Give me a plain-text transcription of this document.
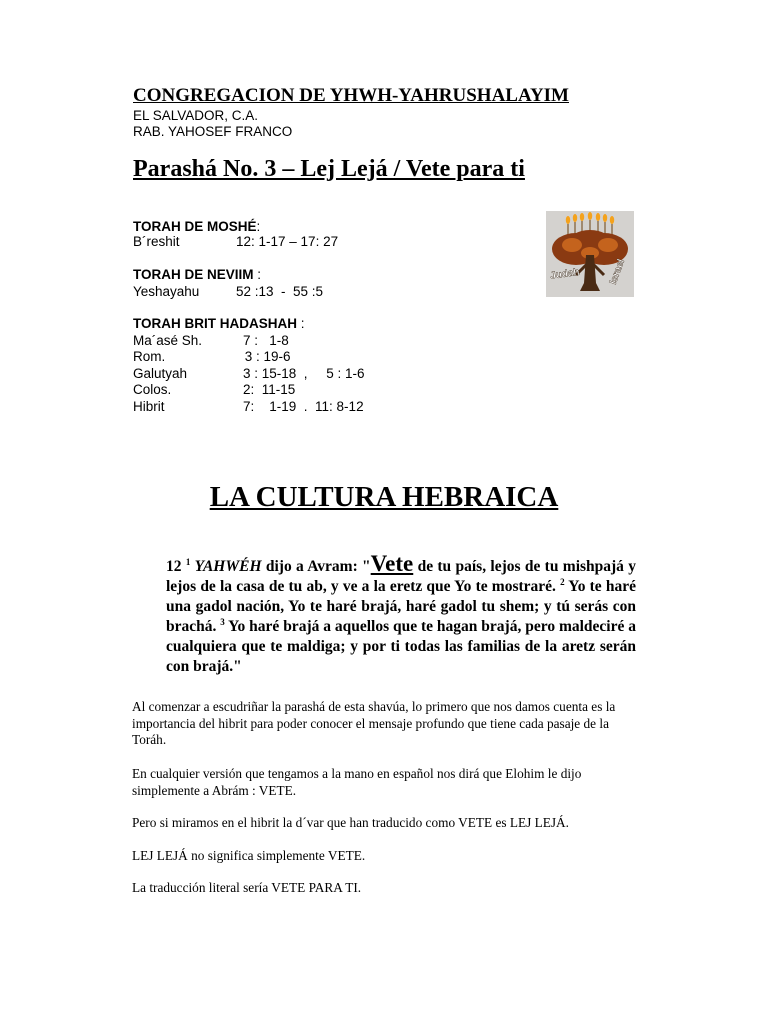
CONGREGACION DE YHWH-YAHRUSHALAYIM
EL SALVADOR, C.A.
RAB. YAHOSEF FRANCO
Parashá No. 3 – Lej Lejá / Vete para ti
TORAH DE MOSHÉ:
B´reshit	12: 1-17 – 17: 27
TORAH DE NEVIIM :
Yeshayahu	52 :13  -  55 :5
TORAH BRIT HADASHAH :
Ma´asé Sh.	7 :   1-8
Rom.	3 : 19-6
Galutyah	3 : 15-18  ,     5 : 1-6
Colos.	2:  11-15
Hibrit	7:    1-19  .  11: 8-12
Judah	Israel
LA CULTURA HEBRAICA
12 $^1$ YAHWÉH dijo a Avram: "Vete de tu país, lejos de tu mishpajá y lejos de la casa de tu ab, y ve a la eretz que Yo te mostraré. $^2$ Yo te haré una gadol nación, Yo te haré brajá, haré gadol tu shem; y tú serás con brachá. $^3$ Yo haré brajá a aquellos que te hagan brajá, pero maldeciré a cualquiera que te maldiga; y por ti todas las familias de la aretz serán con brajá."
Al comenzar a escudriñar la parashá de esta shavúa, lo primero que nos damos cuenta es la importancia del hibrit para poder conocer el mensaje profundo que tiene cada pasaje de la Toráh.
En cualquier versión que tengamos a la mano en español nos dirá que Elohim le dijo simplemente a Abrám : VETE.
Pero si miramos en el hibrit la d´var que han traducido como VETE es LEJ LEJÁ.
LEJ LEJÁ no significa simplemente VETE.
La traducción literal sería VETE PARA TI.
